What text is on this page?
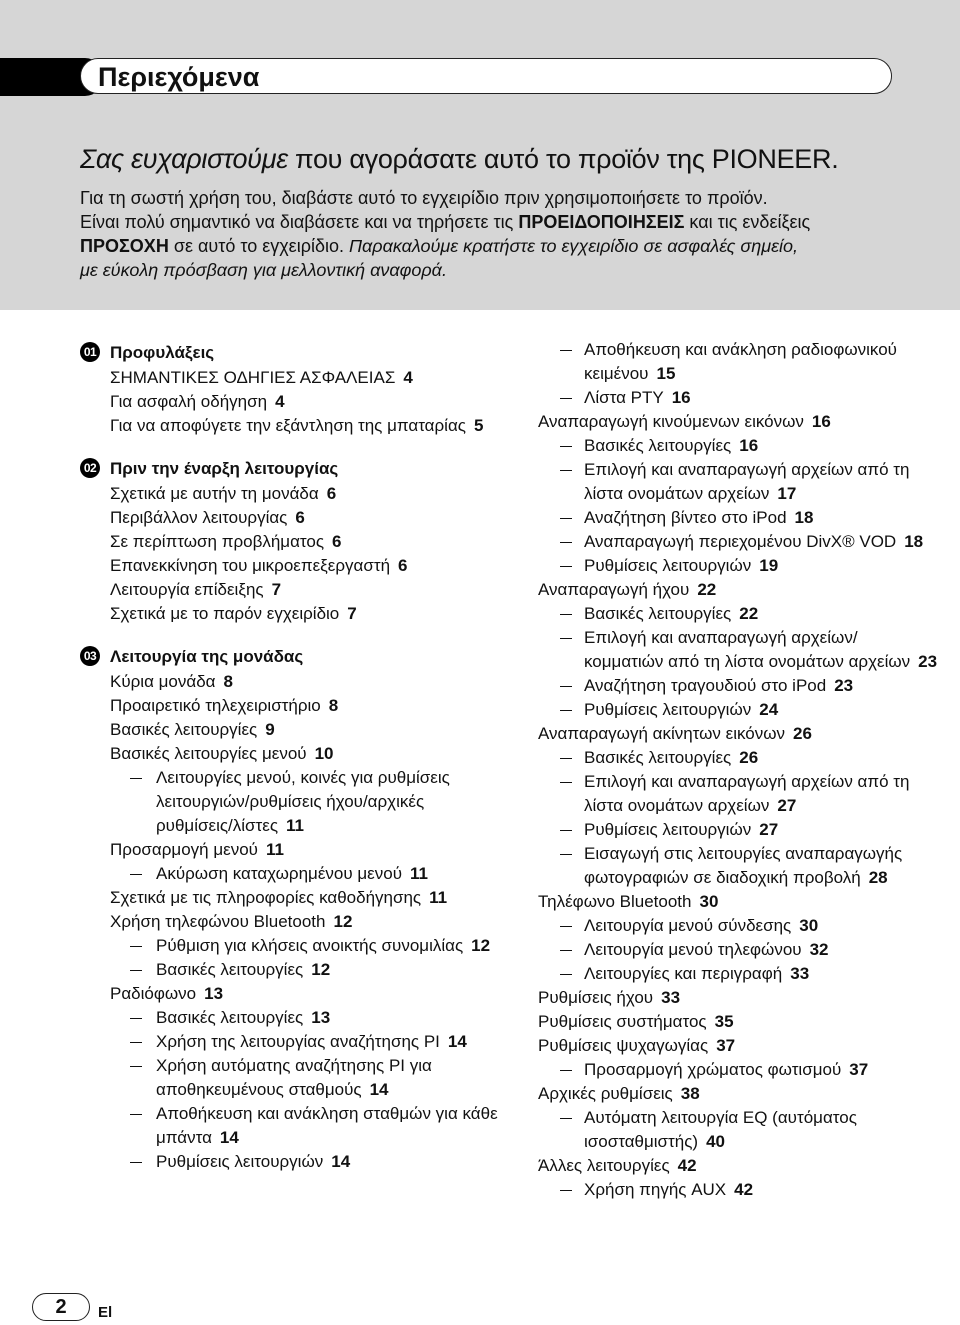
Περιεχόμενα
Σας ευχαριστούμε που αγοράσατε αυτό το προϊόν της PIONEER.

Για τη σωστή χρήση του, διαβάστε αυτό το εγχειρίδιο πριν χρησιμοποιήσετε το προϊόν.

Είναι πολύ σημαντικό να διαβάσετε και να τηρήσετε τις ΠΡΟΕΙΔΟΠΟΙΗΣΕΙΣ και τις ενδείξεις

ΠΡΟΣΟΧΗ σε αυτό το εγχειρίδιο. Παρακαλούμε κρατήστε το εγχειρίδιο σε ασφαλές σημείο,

με εύκολη πρόσβαση για μελλοντική αναφορά.

01 Προφυλάξεις
ΣΗΜΑΝΤΙΚΕΣ ΟΔΗΓΙΕΣ ΑΣΦΑΛΕΙΑΣ 4
Για ασφαλή οδήγηση 4
Για να αποφύγετε την εξάντληση της μπαταρίας 5
02 Πριν την έναρξη λειτουργίας
Σχετικά με αυτήν τη μονάδα 6
Περιβάλλον λειτουργίας 6
Σε περίπτωση προβλήματος 6
Επανεκκίνηση του μικροεπεξεργαστή 6
Λειτουργία επίδειξης 7
Σχετικά με το παρόν εγχειρίδιο 7
03 Λειτουργία της μονάδας
Κύρια μονάδα 8
Προαιρετικό τηλεχειριστήριο 8
Βασικές λειτουργίες 9
Βασικές λειτουργίες μενού 10
Λειτουργίες μενού, κοινές για ρυθμίσεις λειτουργιών/ρυθμίσεις ήχου/αρχικές ρυθμίσεις/λίστες 11
Προσαρμογή μενού 11
Ακύρωση καταχωρημένου μενού 11
Σχετικά με τις πληροφορίες καθοδήγησης 11
Χρήση τηλεφώνου Bluetooth 12
Ρύθμιση για κλήσεις ανοικτής συνομιλίας 12
Βασικές λειτουργίες 12
Ραδιόφωνο 13
Βασικές λειτουργίες 13
Χρήση της λειτουργίας αναζήτησης PI 14
Χρήση αυτόματης αναζήτησης PI για αποθηκευμένους σταθμούς 14
Αποθήκευση και ανάκληση σταθμών για κάθε μπάντα 14
Ρυθμίσεις λειτουργιών 14
Αποθήκευση και ανάκληση ραδιοφωνικού κειμένου 15
Λίστα PTY 16
Αναπαραγωγή κινούμενων εικόνων 16
Βασικές λειτουργίες 16
Επιλογή και αναπαραγωγή αρχείων από τη λίστα ονομάτων αρχείων 17
Αναζήτηση βίντεο στο iPod 18
Αναπαραγωγή περιεχομένου DivX® VOD 18
Ρυθμίσεις λειτουργιών 19
Αναπαραγωγή ήχου 22
Βασικές λειτουργίες 22
Επιλογή και αναπαραγωγή αρχείων/ κομματιών από τη λίστα ονομάτων αρχείων 23
Αναζήτηση τραγουδιού στο iPod 23
Ρυθμίσεις λειτουργιών 24
Αναπαραγωγή ακίνητων εικόνων 26
Βασικές λειτουργίες 26
Επιλογή και αναπαραγωγή αρχείων από τη λίστα ονομάτων αρχείων 27
Ρυθμίσεις λειτουργιών 27
Εισαγωγή στις λειτουργίες αναπαραγωγής φωτογραφιών σε διαδοχική προβολή 28
Τηλέφωνο Bluetooth 30
Λειτουργία μενού σύνδεσης 30
Λειτουργία μενού τηλεφώνου 32
Λειτουργίες και περιγραφή 33
Ρυθμίσεις ήχου 33
Ρυθμίσεις συστήματος 35
Ρυθμίσεις ψυχαγωγίας 37
Προσαρμογή χρώματος φωτισμού 37
Αρχικές ρυθμίσεις 38
Αυτόματη λειτουργία EQ (αυτόματος ισοσταθμιστής) 40
Άλλες λειτουργίες 42
Χρήση πηγής AUX 42
2	El
